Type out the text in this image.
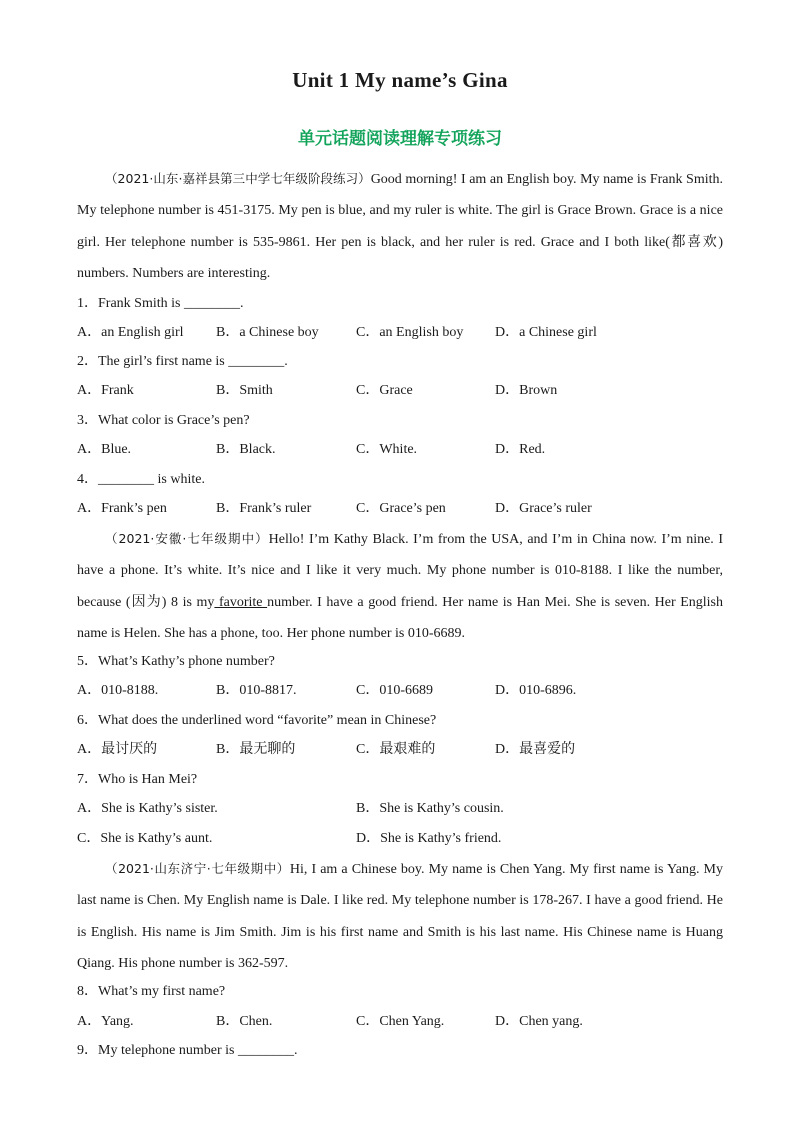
Unit 1 My name’s Gina
单元话题阅读理解专项练习
（2021·山东·嘉祥县第三中学七年级阶段练习）Good morning! I am an English boy. My name is Frank Smith. My telephone number is 451-3175. My pen is blue, and my ruler is white. The girl is Grace Brown. Grace is a nice girl. Her telephone number is 535-9861. Her pen is black, and her ruler is red. Grace and I both like(都喜欢) numbers. Numbers are interesting.
1．Frank Smith is ________.
A．an English girl B．a Chinese boy	C．an English boy D．a Chinese girl
2．The girl’s first name is ________.
A．Frank	B．Smith	C．Grace	D．Brown
3．What color is Grace’s pen?
A．Blue.	B．Black.	C．White.	D．Red.
4．________ is white.
A．Frank’s pen	B．Frank’s ruler	C．Grace’s pen	D．Grace’s ruler
（2021·安徽·七年级期中）Hello! I’m Kathy Black. I’m from the USA, and I’m in China now. I’m nine. I have a phone. It’s white. It’s nice and I like it very much. My phone number is 010-8188. I like the number, because (因为) 8 is my favorite number. I have a good friend. Her name is Han Mei. She is seven. Her English name is Helen. She has a phone, too. Her phone number is 010-6689.
5．What’s Kathy’s phone number?
A．010-8188.	B．010-8817.	C．010-6689	D．010-6896.
6．What does the underlined word “favorite” mean in Chinese?
A．最讨厌的	B．最无聊的	C．最艰难的	D．最喜爱的
7．Who is Han Mei?
A．She is Kathy’s sister.	B．She is Kathy’s cousin.
C．She is Kathy’s aunt.	D．She is Kathy’s friend.
（2021·山东济宁·七年级期中）Hi, I am a Chinese boy. My name is Chen Yang. My first name is Yang. My last name is Chen. My English name is Dale. I like red. My telephone number is 178-267. I have a good friend. He is English. His name is Jim Smith. Jim is his first name and Smith is his last name. His Chinese name is Huang Qiang. His phone number is 362-597.
8．What’s my first name?
A．Yang.	B．Chen.	C．Chen Yang.	D．Chen yang.
9．My telephone number is ________.
